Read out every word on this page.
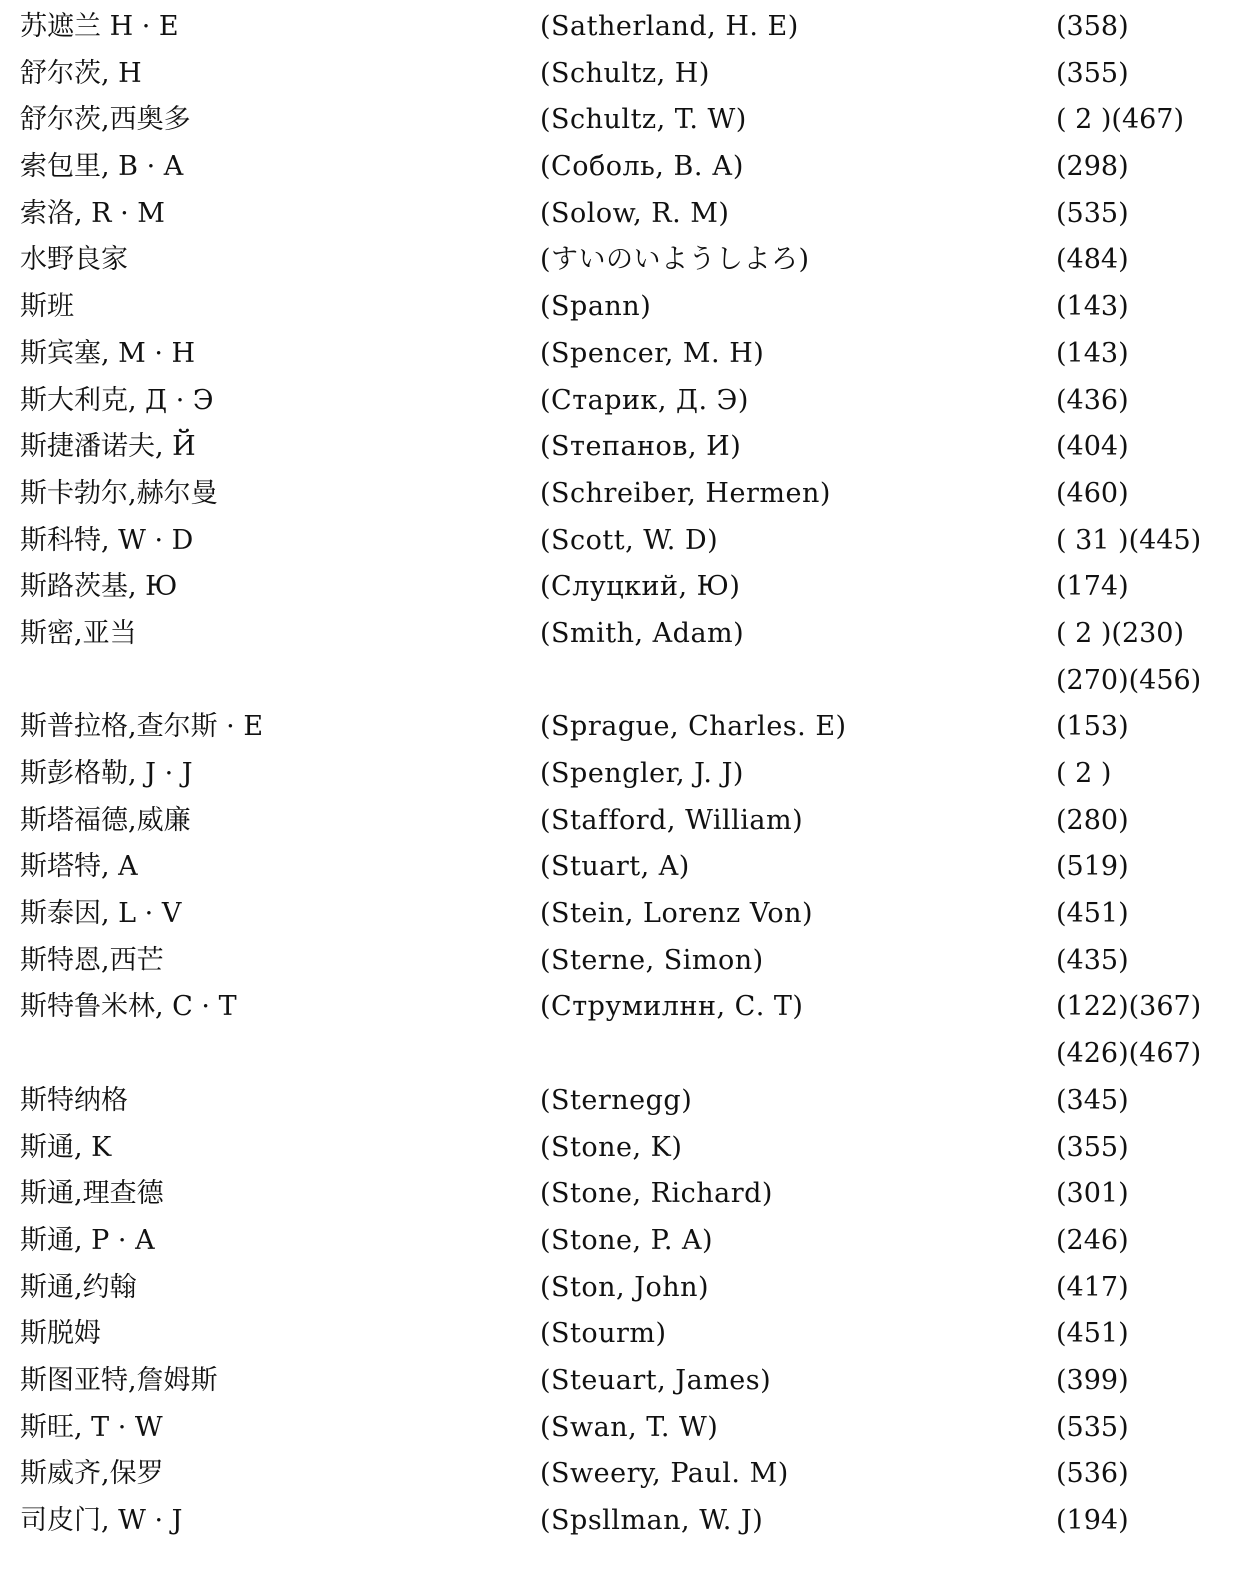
苏遮兰 H · E	(Satherland, H. E)	(358)
舒尔茨, H	(Schultz, H)	(355)
舒尔茨,西奥多	(Schultz, T. W)	( 2 )(467)
索包里, B · A	(Соболь, В. А)	(298)
索洛, R · M	(Solow, R. M)	(535)
水野良家	(すいのいようしよろ)	(484)
斯班	(Spann)	(143)
斯宾塞, M · H	(Spencer, M. H)	(143)
斯大利克, Д · Э	(Старик, Д. Э)	(436)
斯捷潘诺夫, Й	(Sтепанов, И)	(404)
斯卡勃尔,赫尔曼	(Schreiber, Hermen)	(460)
斯科特, W · D	(Scott, W. D)	( 31 )(445)
斯路茨基, Ю	(Слуцкий, Ю)	(174)
斯密,亚当	(Smith, Adam)	( 2 )(230)
(270)(456)
斯普拉格,查尔斯 · E	(Sprague, Charles. E)	(153)
斯彭格勒, J · J	(Spengler, J. J)	( 2 )
斯塔福德,威廉	(Stafford, William)	(280)
斯塔特, A	(Stuart, A)	(519)
斯泰因, L · V	(Stein, Lorenz Von)	(451)
斯特恩,西芒	(Sterne, Simon)	(435)
斯特鲁米林, C · T	(Струмилнн, С. Т)	(122)(367)
(426)(467)
斯特纳格	(Sternegg)	(345)
斯通, K	(Stone, K)	(355)
斯通,理查德	(Stone, Richard)	(301)
斯通, P · A	(Stone, P. A)	(246)
斯通,约翰	(Ston, John)	(417)
斯脱姆	(Stourm)	(451)
斯图亚特,詹姆斯	(Steuart, James)	(399)
斯旺, T · W	(Swan, T. W)	(535)
斯威齐,保罗	(Sweery, Paul. M)	(536)
司皮门, W · J	(Spsllman, W. J)	(194)
